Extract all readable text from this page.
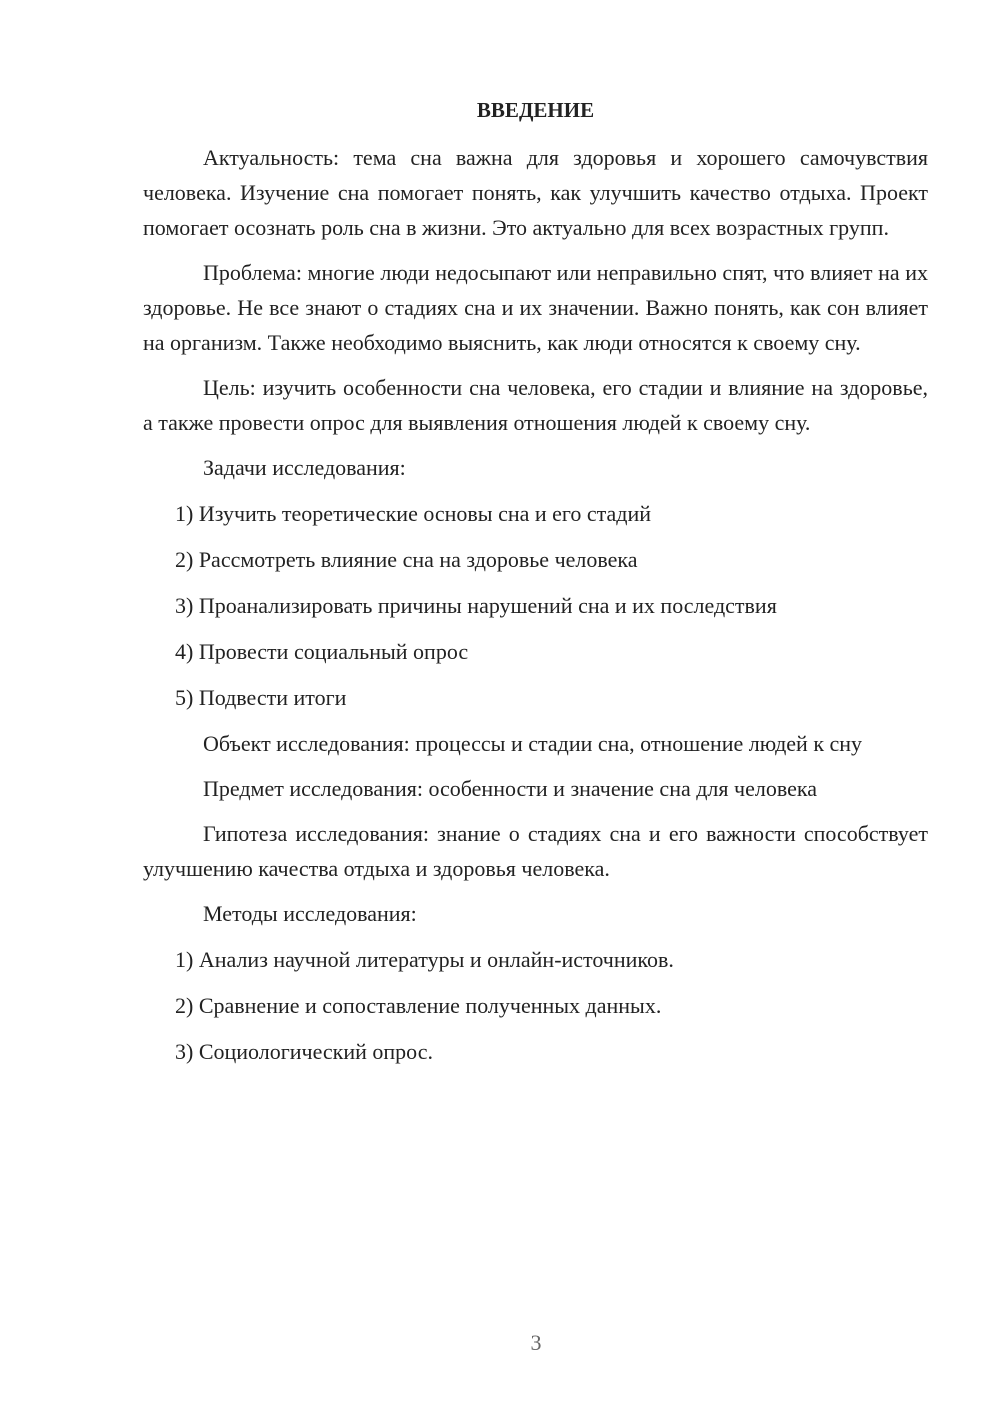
ВВЕДЕНИЕ

Актуальность: тема сна важна для здоровья и хорошего самочувствия человека. Изучение сна помогает понять, как улучшить качество отдыха. Проект помогает осознать роль сна в жизни. Это актуально для всех возрастных групп.

Проблема: многие люди недосыпают или неправильно спят, что влияет на их здоровье. Не все знают о стадиях сна и их значении. Важно понять, как сон влияет на организм. Также необходимо выяснить, как люди относятся к своему сну.

Цель: изучить особенности сна человека, его стадии и влияние на здоровье, а также провести опрос для выявления отношения людей к своему сну.

Задачи исследования:
1) Изучить теоретические основы сна и его стадий
2) Рассмотреть влияние сна на здоровье человека
3) Проанализировать причины нарушений сна и их последствия
4) Провести социальный опрос
5) Подвести итоги

Объект исследования: процессы и стадии сна, отношение людей к сну

Предмет исследования: особенности и значение сна для человека

Гипотеза исследования: знание о стадиях сна и его важности способствует улучшению качества отдыха и здоровья человека.

Методы исследования:
1) Анализ научной литературы и онлайн-источников.
2) Сравнение и сопоставление полученных данных.
3) Социологический опрос.
3
